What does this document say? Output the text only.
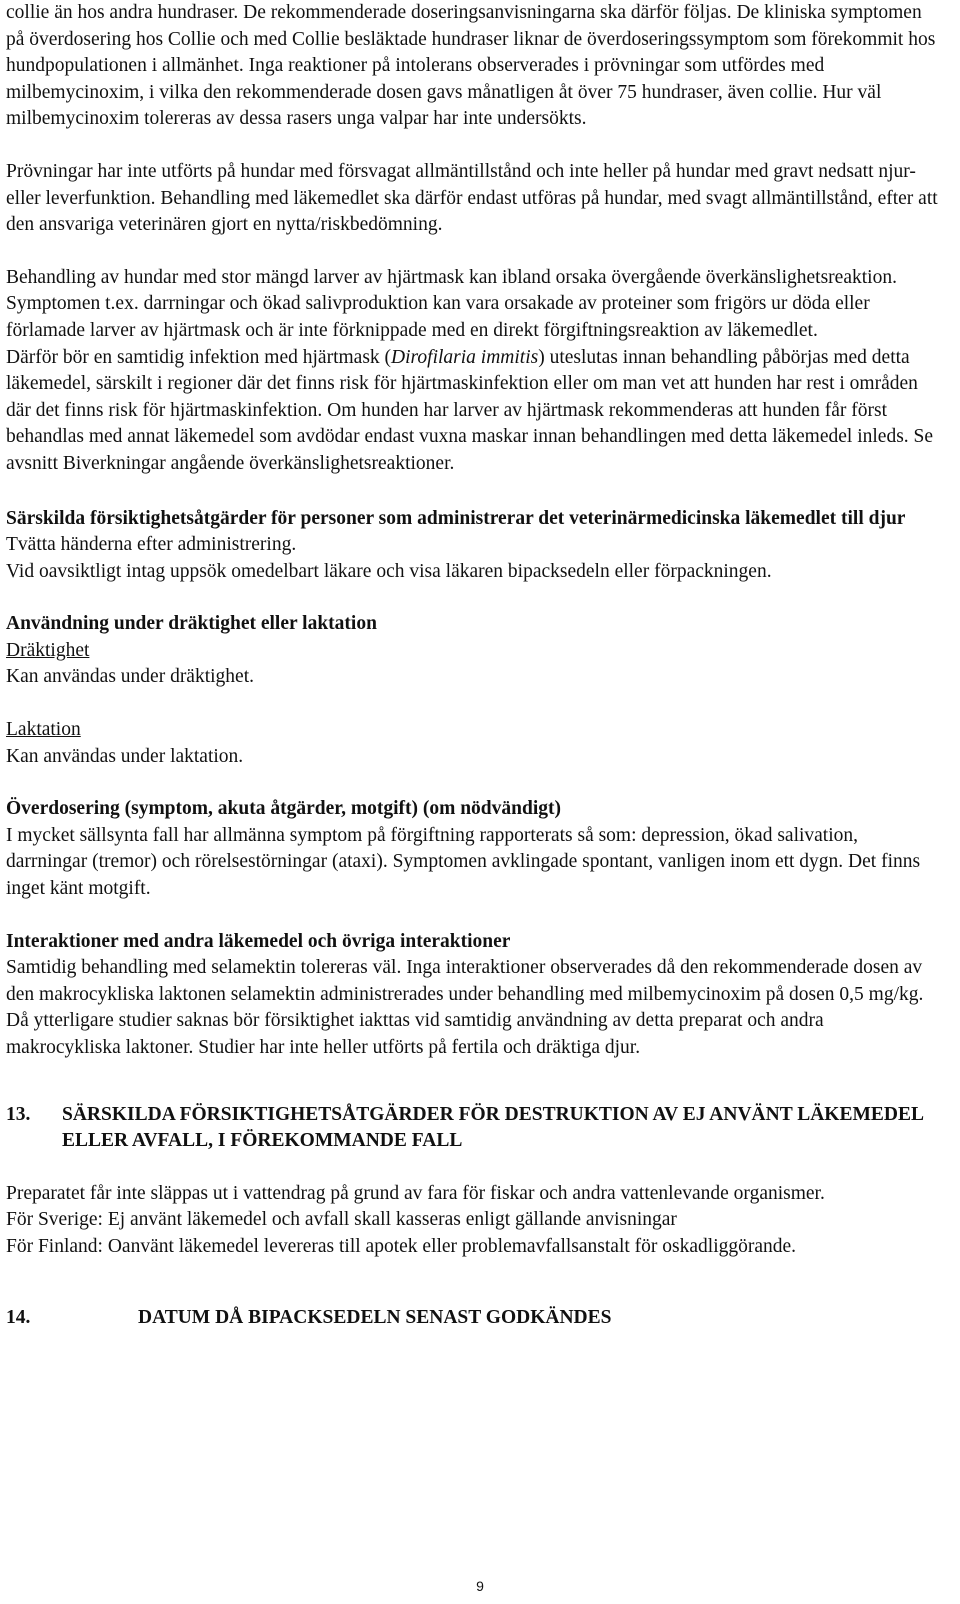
collie än hos andra hundraser. De rekommenderade doseringsanvisningarna ska därför följas. De kliniska symptomen på överdosering hos Collie och med Collie besläktade hundraser liknar de överdoseringssymptom som förekommit hos hundpopulationen i allmänhet. Inga reaktioner på intolerans observerades i prövningar som utfördes med milbemycinoxim, i vilka den rekommenderade dosen gavs månatligen åt över 75 hundraser, även collie. Hur väl milbemycinoxim tolereras av dessa rasers unga valpar har inte undersökts.

Prövningar har inte utförts på hundar med försvagat allmäntillstånd och inte heller på hundar med gravt nedsatt njur- eller leverfunktion. Behandling med läkemedlet ska därför endast utföras på hundar, med svagt allmäntillstånd, efter att den ansvariga veterinären gjort en nytta/riskbedömning.

Behandling av hundar med stor mängd larver av hjärtmask kan ibland orsaka övergående överkänslighetsreaktion. Symptomen t.ex. darrningar och ökad salivproduktion kan vara orsakade av proteiner som frigörs ur döda eller förlamade larver av hjärtmask och är inte förknippade med en direkt förgiftningsreaktion av läkemedlet.

Därför bör en samtidig infektion med hjärtmask (Dirofilaria immitis) uteslutas innan behandling påbörjas med detta läkemedel, särskilt i regioner där det finns risk för hjärtmaskinfektion eller om man vet att hunden har rest i områden där det finns risk för hjärtmaskinfektion. Om hunden har larver av hjärtmask rekommenderas att hunden får först behandlas med annat läkemedel som avdödar endast vuxna maskar innan behandlingen med detta läkemedel inleds. Se avsnitt Biverkningar angående överkänslighetsreaktioner.

Särskilda försiktighetsåtgärder för personer som administrerar det veterinärmedicinska läkemedlet till djur

Tvätta händerna efter administrering.

Vid oavsiktligt intag uppsök omedelbart läkare och visa läkaren bipacksedeln eller förpackningen.

Användning under dräktighet eller laktation

Dräktighet

Kan användas under dräktighet.

Laktation

Kan användas under laktation.

Överdosering (symptom, akuta åtgärder, motgift) (om nödvändigt)

I mycket sällsynta fall har allmänna symptom på förgiftning rapporterats så som: depression, ökad salivation, darrningar (tremor) och rörelsestörningar (ataxi). Symptomen avklingade spontant, vanligen inom ett dygn. Det finns inget känt motgift.

Interaktioner med andra läkemedel och övriga interaktioner

Samtidig behandling med selamektin tolereras väl. Inga interaktioner observerades då den rekommenderade dosen av den makrocykliska laktonen selamektin administrerades under behandling med milbemycinoxim på dosen 0,5 mg/kg. Då ytterligare studier saknas bör försiktighet iakttas vid samtidig användning av detta preparat och andra makrocykliska laktoner. Studier har inte heller utförts på fertila och dräktiga djur.

13.	SÄRSKILDA FÖRSIKTIGHETSÅTGÄRDER FÖR DESTRUKTION AV EJ ANVÄNT LÄKEMEDEL ELLER AVFALL, I FÖREKOMMANDE FALL

Preparatet får inte släppas ut i vattendrag på grund av fara för fiskar och andra vattenlevande organismer.

För Sverige: Ej använt läkemedel och avfall skall kasseras enligt gällande anvisningar

För Finland: Oanvänt läkemedel levereras till apotek eller problemavfallsanstalt för oskadliggörande.

14.	DATUM DÅ BIPACKSEDELN SENAST GODKÄNDES
9
